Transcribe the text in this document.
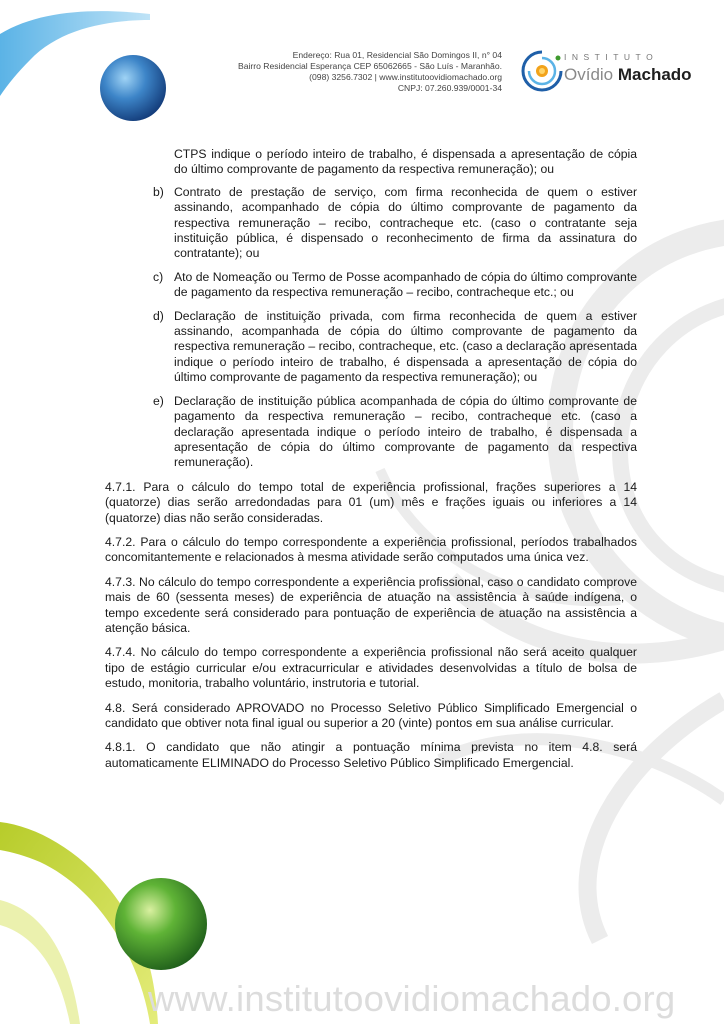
Endereço: Rua 01, Residencial São Domingos II, n° 04
Bairro Residencial Esperança CEP 65062665 - São Luís - Maranhão.
(098) 3256.7302 | www.institutoovidiomachado.org
CNPJ: 07.260.939/0001-34
INSTITUTO
Ovídio Machado
CTPS indique o período inteiro de trabalho, é dispensada a apresentação de cópia do último comprovante de pagamento da respectiva remuneração); ou
b) Contrato de prestação de serviço, com firma reconhecida de quem o estiver assinando, acompanhado de cópia do último comprovante de pagamento da respectiva remuneração – recibo, contracheque etc. (caso o contratante seja instituição pública, é dispensado o reconhecimento de firma da assinatura do contratante); ou
c) Ato de Nomeação ou Termo de Posse acompanhado de cópia do último comprovante de pagamento da respectiva remuneração – recibo, contracheque etc.; ou
d) Declaração de instituição privada, com firma reconhecida de quem a estiver assinando, acompanhada de cópia do último comprovante de pagamento da respectiva remuneração – recibo, contracheque, etc. (caso a declaração apresentada indique o período inteiro de trabalho, é dispensada a apresentação de cópia do último comprovante de pagamento da respectiva remuneração); ou
e) Declaração de instituição pública acompanhada de cópia do último comprovante de pagamento da respectiva remuneração – recibo, contracheque etc. (caso a declaração apresentada indique o período inteiro de trabalho, é dispensada a apresentação de cópia do último comprovante de pagamento da respectiva remuneração).
4.7.1. Para o cálculo do tempo total de experiência profissional, frações superiores a 14 (quatorze) dias serão arredondadas para 01 (um) mês e frações iguais ou inferiores a 14 (quatorze) dias não serão consideradas.
4.7.2. Para o cálculo do tempo correspondente a experiência profissional, períodos trabalhados concomitantemente e relacionados à mesma atividade serão computados uma única vez.
4.7.3. No cálculo do tempo correspondente a experiência profissional, caso o candidato comprove mais de 60 (sessenta meses) de experiência de atuação na assistência à saúde indígena, o tempo excedente será considerado para pontuação de experiência de atuação na assistência a atenção básica.
4.7.4. No cálculo do tempo correspondente a experiência profissional não será aceito qualquer tipo de estágio curricular e/ou extracurricular e atividades desenvolvidas a título de bolsa de estudo, monitoria, trabalho voluntário, instrutoria e tutorial.
4.8. Será considerado APROVADO no Processo Seletivo Público Simplificado Emergencial o candidato que obtiver nota final igual ou superior a 20 (vinte) pontos em sua análise curricular.
4.8.1. O candidato que não atingir a pontuação mínima prevista no item 4.8. será automaticamente ELIMINADO do Processo Seletivo Público Simplificado Emergencial.
www.institutoovidiomachado.org
